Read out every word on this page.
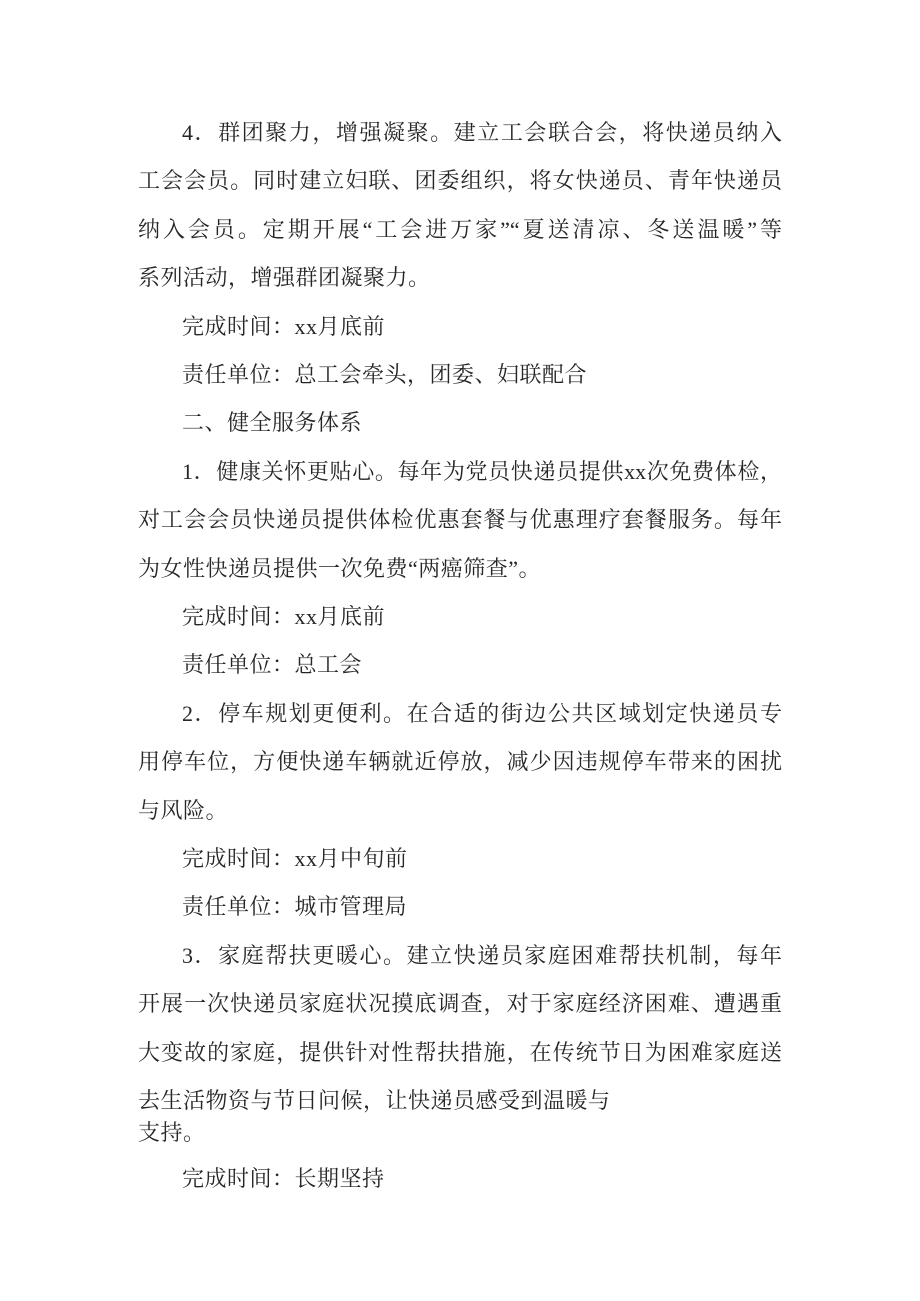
4．群团聚力，增强凝聚。建立工会联合会，将快递员纳入
工会会员。同时建立妇联、团委组织，将女快递员、青年快递员
纳入会员。定期开展“工会进万家”“夏送清凉、冬送温暖”等
系列活动，增强群团凝聚力。
完成时间：xx月底前
责任单位：总工会牵头，团委、妇联配合
二、健全服务体系
1．健康关怀更贴心。每年为党员快递员提供xx次免费体检，
对工会会员快递员提供体检优惠套餐与优惠理疗套餐服务。每年
为女性快递员提供一次免费“两癌筛查”。
完成时间：xx月底前
责任单位：总工会
2．停车规划更便利。在合适的街边公共区域划定快递员专
用停车位，方便快递车辆就近停放，减少因违规停车带来的困扰
与风险。
完成时间：xx月中旬前
责任单位：城市管理局
3．家庭帮扶更暖心。建立快递员家庭困难帮扶机制，每年
开展一次快递员家庭状况摸底调查，对于家庭经济困难、遭遇重
大变故的家庭，提供针对性帮扶措施，在传统节日为困难家庭送
去生活物资与节日问候，让快递员感受到温暖与
支持。
完成时间：长期坚持
